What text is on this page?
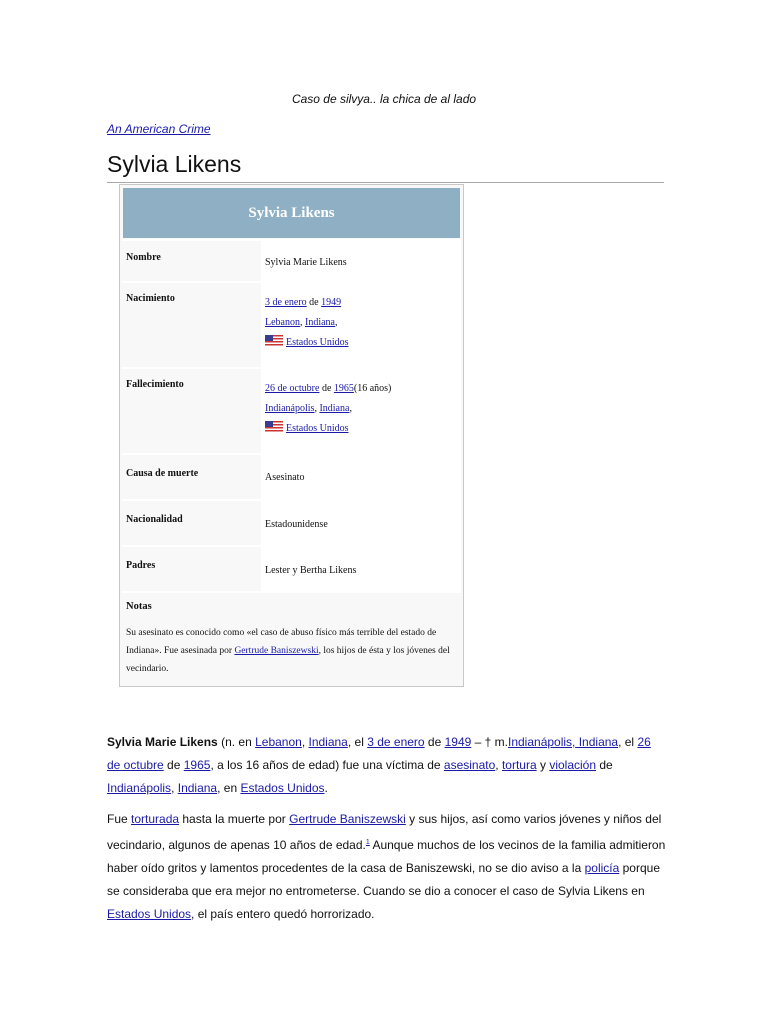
Caso de silvya.. la chica de al lado
An American Crime
Sylvia Likens
Sylvia Likens
Nombre	Sylvia Marie Likens
Nacimiento	3 de enero de 1949
Lebanon, Indiana,
Estados Unidos
Fallecimiento	26 de octubre de 1965(16 años)
Indianápolis, Indiana,
Estados Unidos
Causa de muerte	Asesinato
Nacionalidad	Estadounidense
Padres	Lester y Bertha Likens
Notas
Su asesinato es conocido como «el caso de abuso físico más terrible del estado de Indiana». Fue asesinada por Gertrude Baniszewski, los hijos de ésta y los jóvenes del vecindario.

Sylvia Marie Likens (n. en Lebanon, Indiana, el 3 de enero de 1949 – † m.Indianápolis, Indiana, el 26 de octubre de 1965, a los 16 años de edad) fue una víctima de asesinato, tortura y violación de Indianápolis, Indiana, en Estados Unidos.

Fue torturada hasta la muerte por Gertrude Baniszewski y sus hijos, así como varios jóvenes y niños del vecindario, algunos de apenas 10 años de edad.$^1$ Aunque muchos de los vecinos de la familia admitieron haber oído gritos y lamentos procedentes de la casa de Baniszewski, no se dio aviso a la policía porque se consideraba que era mejor no entrometerse. Cuando se dio a conocer el caso de Sylvia Likens en Estados Unidos, el país entero quedó horrorizado.
